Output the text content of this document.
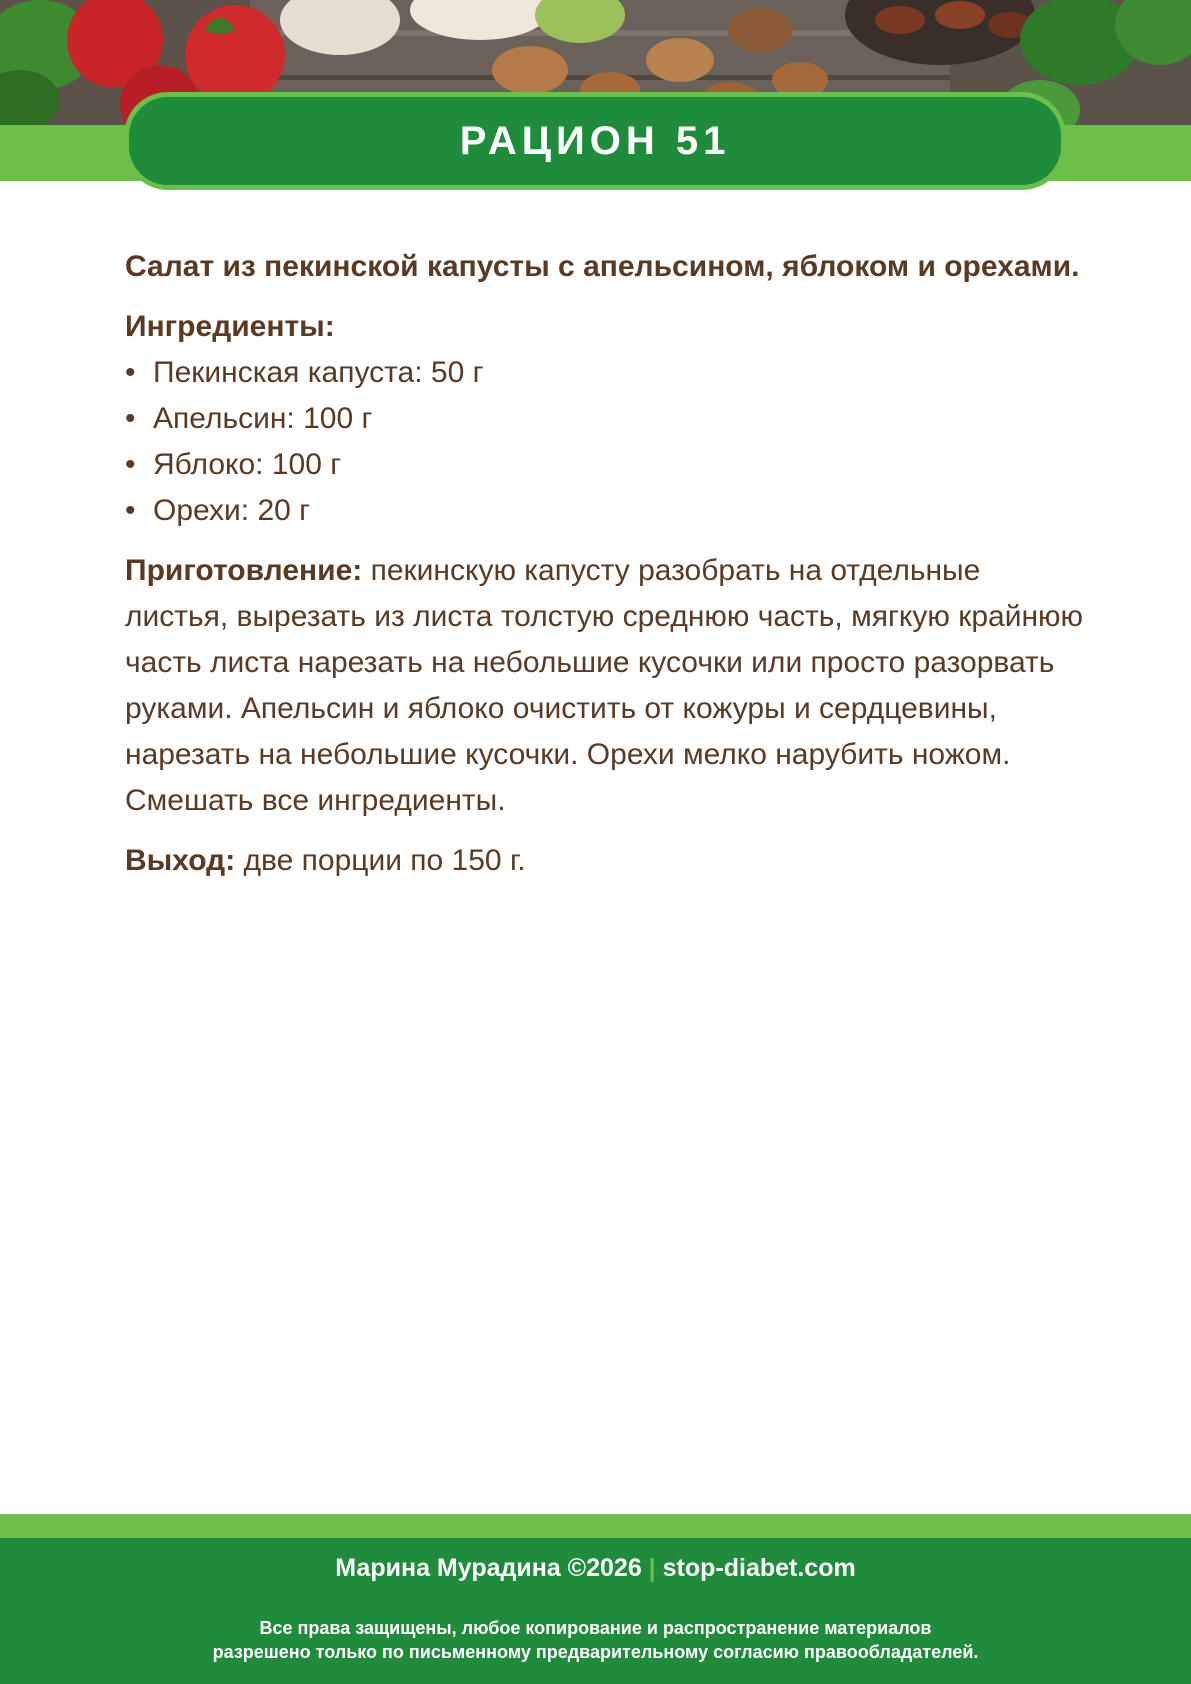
РАЦИОН 51

Салат из пекинской капусты с апельсином, яблоком и орехами.

Ингредиенты:

• Пекинская капуста: 50 г
• Апельсин: 100 г
• Яблоко: 100 г
• Орехи: 20 г

Приготовление: пекинскую капусту разобрать на отдельные листья, вырезать из листа толстую среднюю часть, мягкую крайнюю часть листа нарезать на небольшие кусочки или просто разорвать руками. Апельсин и яблоко очистить от кожуры и сердцевины, нарезать на небольшие кусочки. Орехи мелко нарубить ножом. Смешать все ингредиенты.

Выход: две порции по 150 г.

Марина Мурадина ©2026 | stop-diabet.com
Все права защищены, любое копирование и распространение материалов
разрешено только по письменному предварительному согласию правообладателей.
